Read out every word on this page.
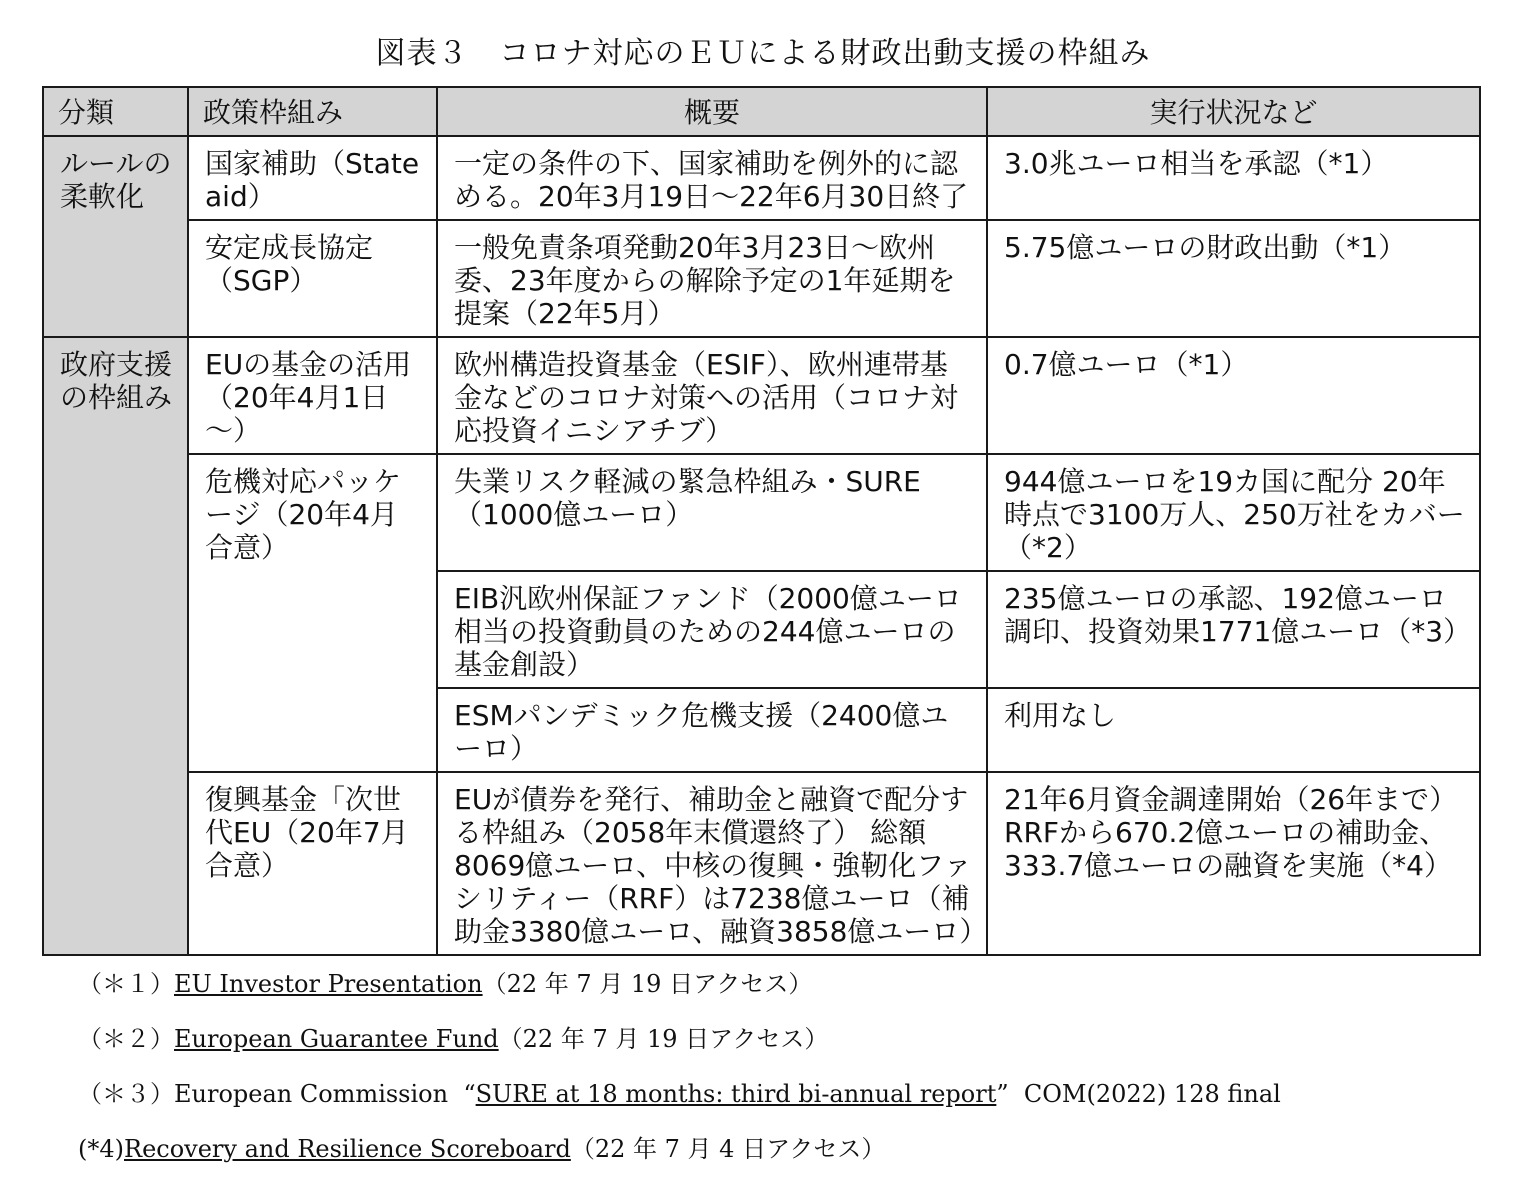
図表３　コロナ対応のＥＵによる財政出動支援の枠組み
分類	政策枠組み	概要	実行状況など
ルールの柔軟化	国家補助（State aid）	一定の条件の下、国家補助を例外的に認める。20年3月19日～22年6月30日終了	3.0兆ユーロ相当を承認（*1）
	安定成長協定（SGP）	一般免責条項発動20年3月23日～欧州委、23年度からの解除予定の1年延期を提案（22年5月）	5.75億ユーロの財政出動（*1）
政府支援の枠組み	EUの基金の活用（20年4月1日～）	欧州構造投資基金（ESIF）、欧州連帯基金などのコロナ対策への活用（コロナ対応投資イニシアチブ）	0.7億ユーロ（*1）
	危機対応パッケージ（20年4月合意）	失業リスク軽減の緊急枠組み・SURE（1000億ユーロ）	944億ユーロを19カ国に配分 20年時点で3100万人、250万社をカバー（*2）
		EIB汎欧州保証ファンド（2000億ユーロ相当の投資動員のための244億ユーロの基金創設）	235億ユーロの承認、192億ユーロ調印、投資効果1771億ユーロ（*3）
		ESMパンデミック危機支援（2400億ユーロ）	利用なし
	復興基金「次世代EU（20年7月合意）	EUが債券を発行、補助金と融資で配分する枠組み（2058年末償還終了） 総額8069億ユーロ、中核の復興・強靭化ファシリティー（RRF）は7238億ユーロ（補助金3380億ユーロ、融資3858億ユーロ）	21年6月資金調達開始（26年まで） RRFから670.2億ユーロの補助金、333.7億ユーロの融資を実施（*4）
（＊１）EU Investor Presentation（22 年 7 月 19 日アクセス）
（＊２）European Guarantee Fund（22 年 7 月 19 日アクセス）
（＊３）European Commission  “SURE at 18 months: third bi-annual report”  COM(2022) 128 final
(*4)Recovery and Resilience Scoreboard（22 年 7 月 4 日アクセス）
